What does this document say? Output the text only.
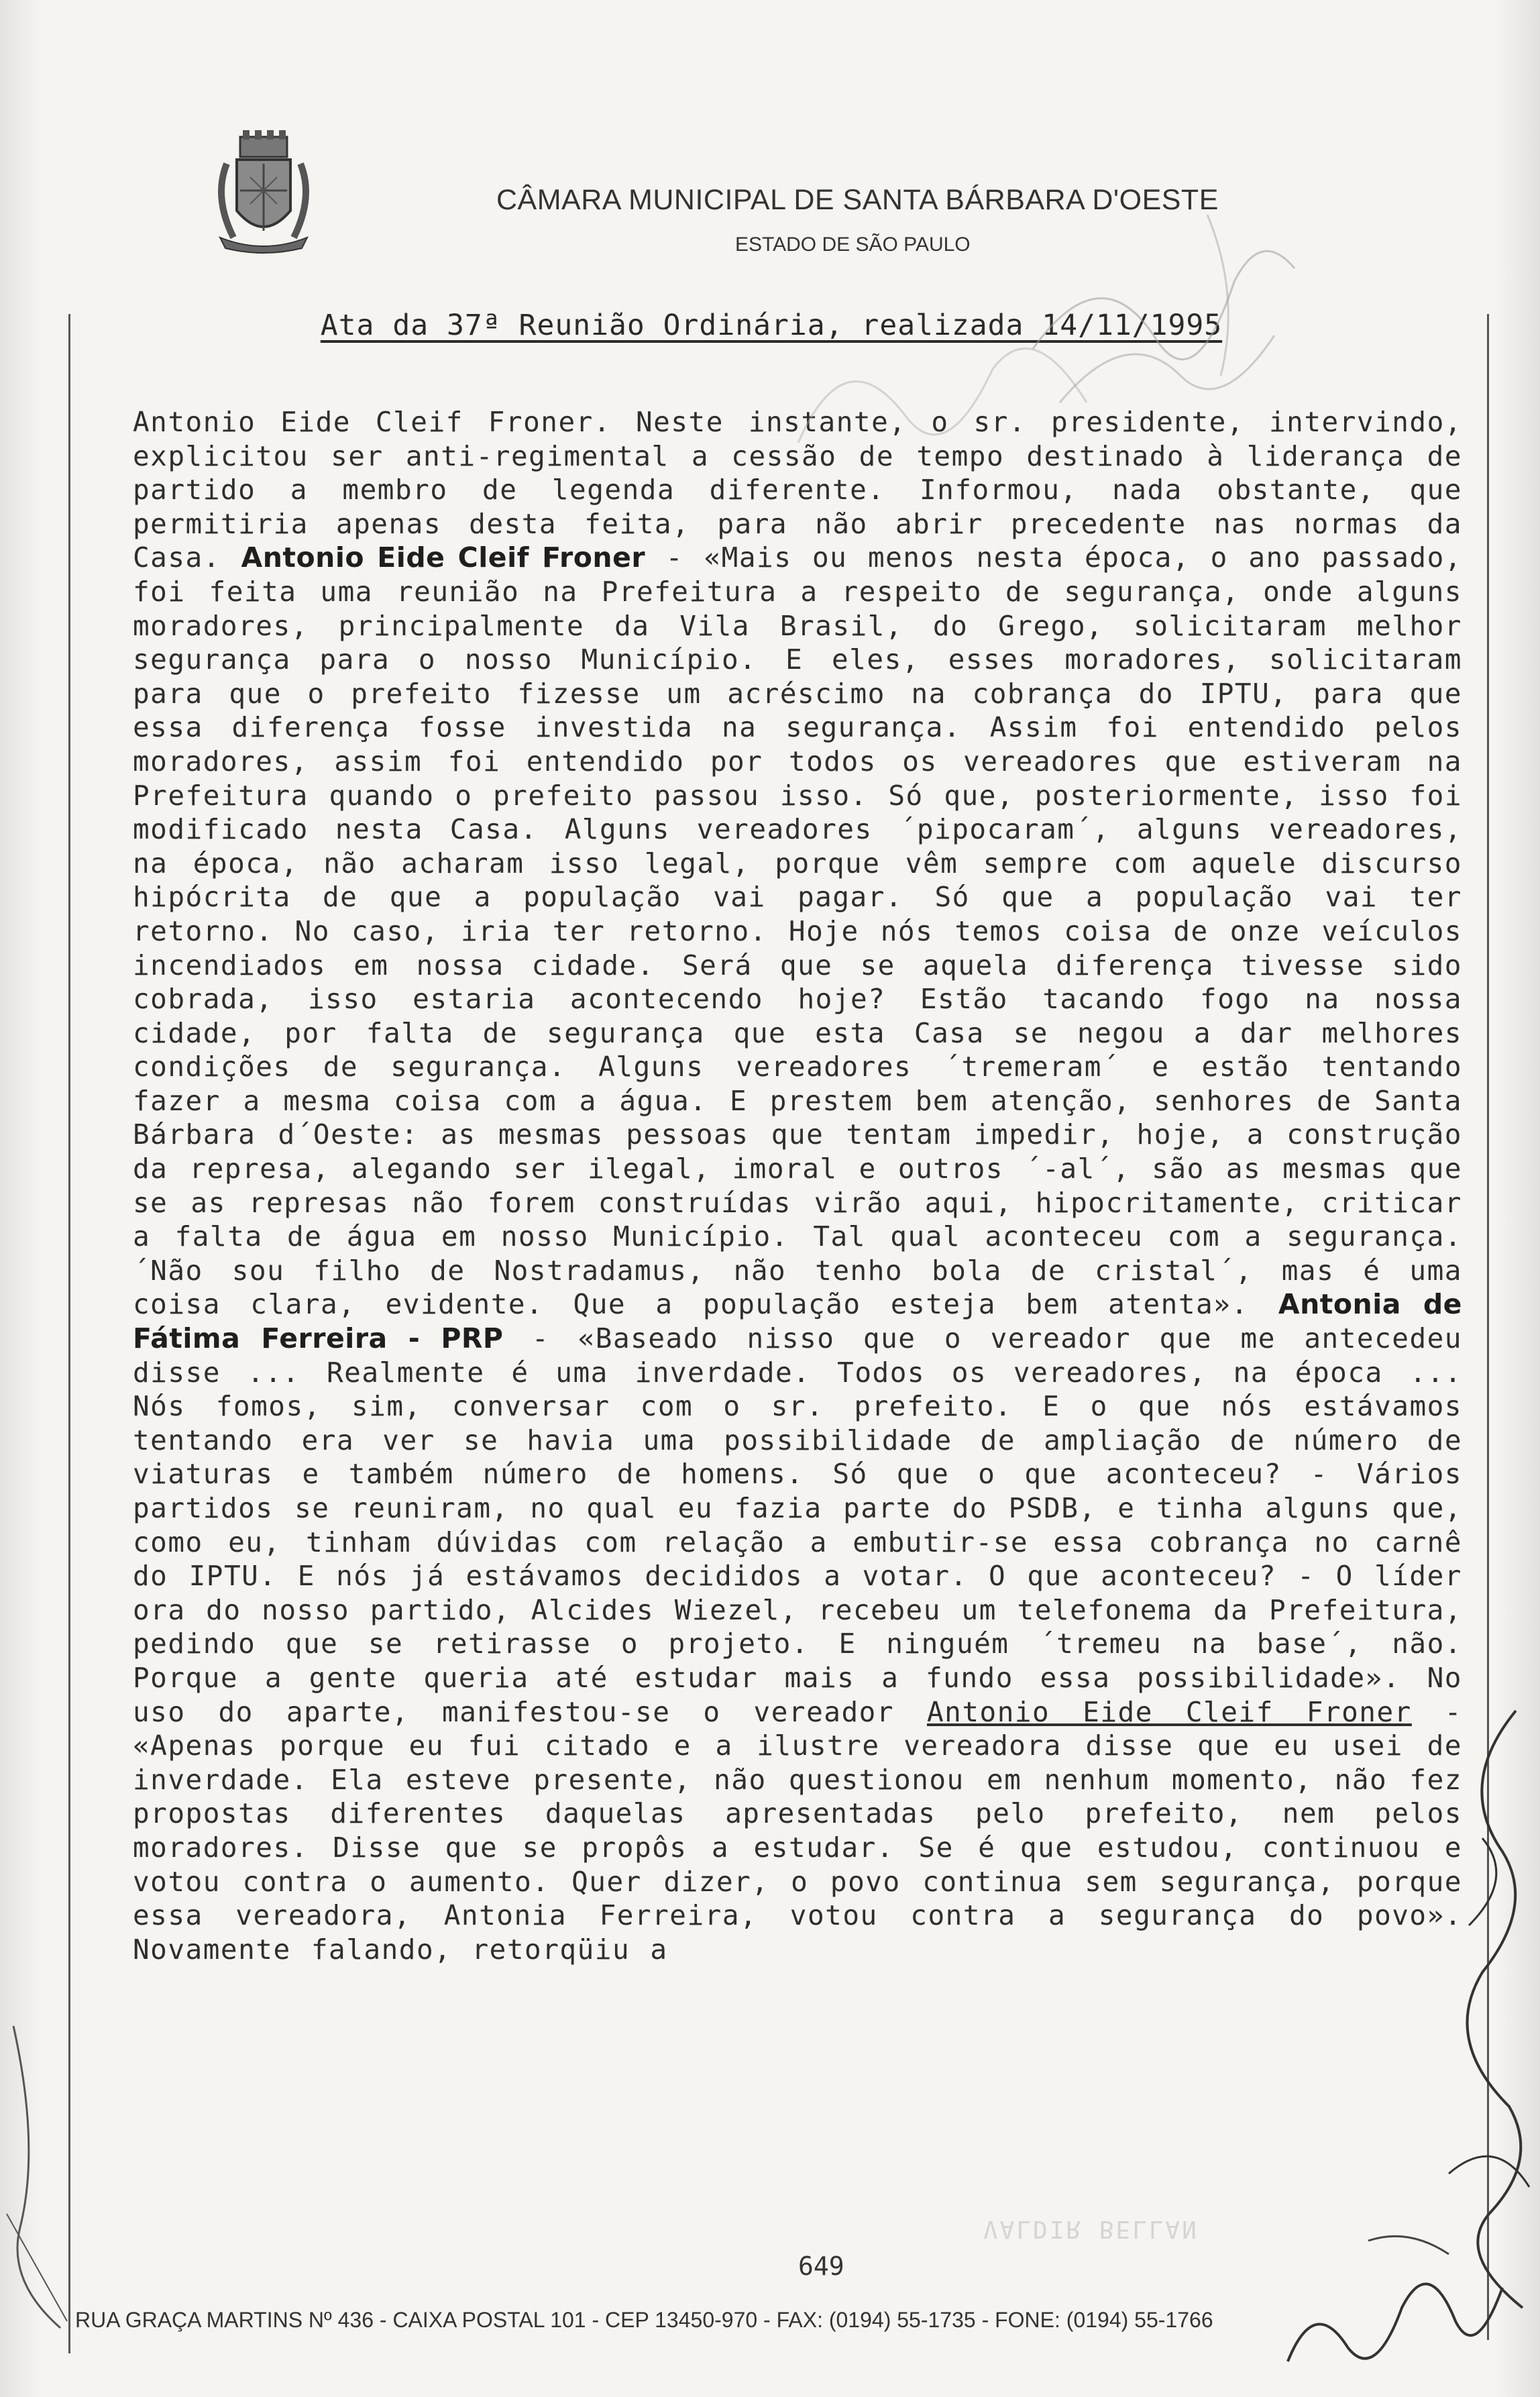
CÂMARA MUNICIPAL DE SANTA BÁRBARA D'OESTE
ESTADO DE SÃO PAULO
Ata da 37ª Reunião Ordinária, realizada 14/11/1995
Antonio Eide Cleif Froner. Neste instante, o sr. presidente, intervindo, explicitou ser anti-regimental a cessão de tempo destinado à liderança de partido a membro de legenda diferente. Informou, nada obstante, que permitiria apenas desta feita, para não abrir precedente nas normas da Casa. Antonio Eide Cleif Froner - «Mais ou menos nesta época, o ano passado, foi feita uma reunião na Prefeitura a respeito de segurança, onde alguns moradores, principalmente da Vila Brasil, do Grego, solicitaram melhor segurança para o nosso Município. E eles, esses moradores, solicitaram para que o prefeito fizesse um acréscimo na cobrança do IPTU, para que essa diferença fosse investida na segurança. Assim foi entendido pelos moradores, assim foi entendido por todos os vereadores que estiveram na Prefeitura quando o prefeito passou isso. Só que, posteriormente, isso foi modificado nesta Casa. Alguns vereadores ´pipocaram´, alguns vereadores, na época, não acharam isso legal, porque vêm sempre com aquele discurso hipócrita de que a população vai pagar. Só que a população vai ter retorno. No caso, iria ter retorno. Hoje nós temos coisa de onze veículos incendiados em nossa cidade. Será que se aquela diferença tivesse sido cobrada, isso estaria acontecendo hoje? Estão tacando fogo na nossa cidade, por falta de segurança que esta Casa se negou a dar melhores condições de segurança. Alguns vereadores ´tremeram´ e estão tentando fazer a mesma coisa com a água. E prestem bem atenção, senhores de Santa Bárbara d´Oeste: as mesmas pessoas que tentam impedir, hoje, a construção da represa, alegando ser ilegal, imoral e outros ´-al´, são as mesmas que se as represas não forem construídas virão aqui, hipocritamente, criticar a falta de água em nosso Município. Tal qual aconteceu com a segurança. ´Não sou filho de Nostradamus, não tenho bola de cristal´, mas é uma coisa clara, evidente. Que a população esteja bem atenta». Antonia de Fátima Ferreira - PRP - «Baseado nisso que o vereador que me antecedeu disse ... Realmente é uma inverdade. Todos os vereadores, na época ... Nós fomos, sim, conversar com o sr. prefeito. E o que nós estávamos tentando era ver se havia uma possibilidade de ampliação de número de viaturas e também número de homens. Só que o que aconteceu? - Vários partidos se reuniram, no qual eu fazia parte do PSDB, e tinha alguns que, como eu, tinham dúvidas com relação a embutir-se essa cobrança no carnê do IPTU. E nós já estávamos decididos a votar. O que aconteceu? - O líder ora do nosso partido, Alcides Wiezel, recebeu um telefonema da Prefeitura, pedindo que se retirasse o projeto. E ninguém ´tremeu na base´, não. Porque a gente queria até estudar mais a fundo essa possibilidade». No uso do aparte, manifestou-se o vereador Antonio Eide Cleif Froner - «Apenas porque eu fui citado e a ilustre vereadora disse que eu usei de inverdade. Ela esteve presente, não questionou em nenhum momento, não fez propostas diferentes daquelas apresentadas pelo prefeito, nem pelos moradores. Disse que se propôs a estudar. Se é que estudou, continuou e votou contra o aumento. Quer dizer, o povo continua sem segurança, porque essa vereadora, Antonia Ferreira, votou contra a segurança do povo». Novamente falando, retorqüiu a
VALDIR BELLAN
649
RUA GRAÇA MARTINS Nº 436 - CAIXA POSTAL 101 - CEP 13450-970 - FAX: (0194) 55-1735 - FONE: (0194) 55-1766
